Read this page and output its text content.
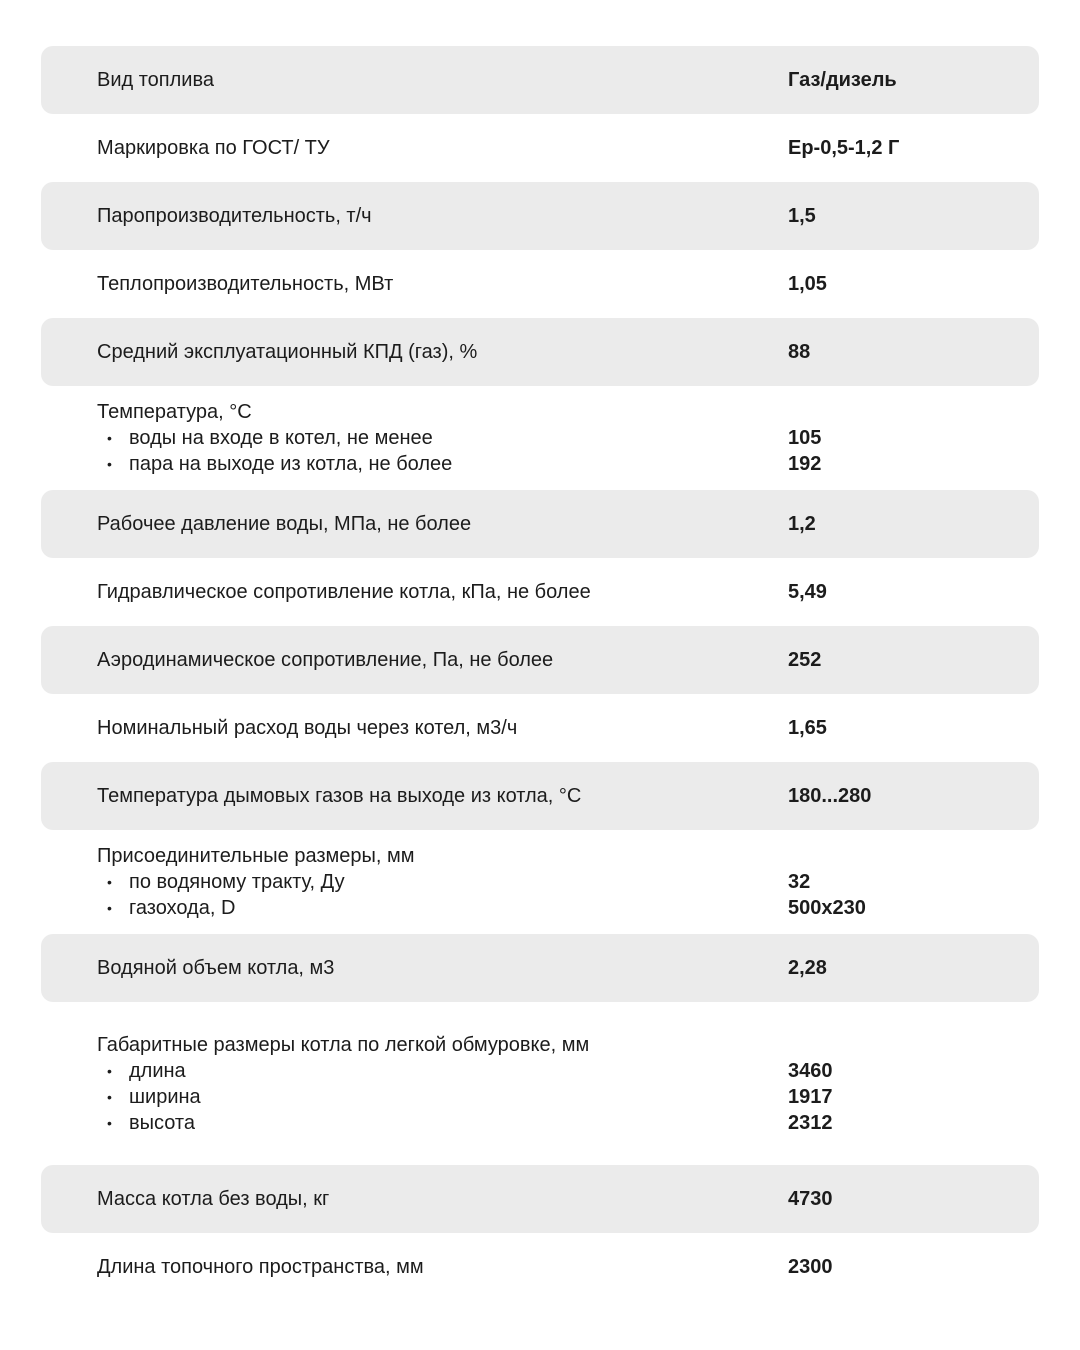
Вид топлива	Газ/дизель
Маркировка по ГОСТ/ ТУ	Ер-0,5-1,2 Г
Паропроизводительность, т/ч	1,5
Теплопроизводительность, МВт	1,05
Средний эксплуатационный КПД (газ), %	88
Температура, °C
• воды на входе в котел, не менее	105
• пара на выходе из котла, не более	192
Рабочее давление воды, МПа, не более	1,2
Гидравлическое сопротивление котла, кПа, не более	5,49
Аэродинамическое сопротивление, Па, не более	252
Номинальный расход воды через котел, м3/ч	1,65
Температура дымовых газов на выходе из котла, °C	180...280
Присоединительные размеры, мм
• по водяному тракту, Ду	32
• газохода, D	500x230
Водяной объем котла, м3	2,28
Габаритные размеры котла по легкой обмуровке, мм
• длина	3460
• ширина	1917
• высота	2312
Масса котла без воды, кг	4730
Длина топочного пространства, мм	2300
